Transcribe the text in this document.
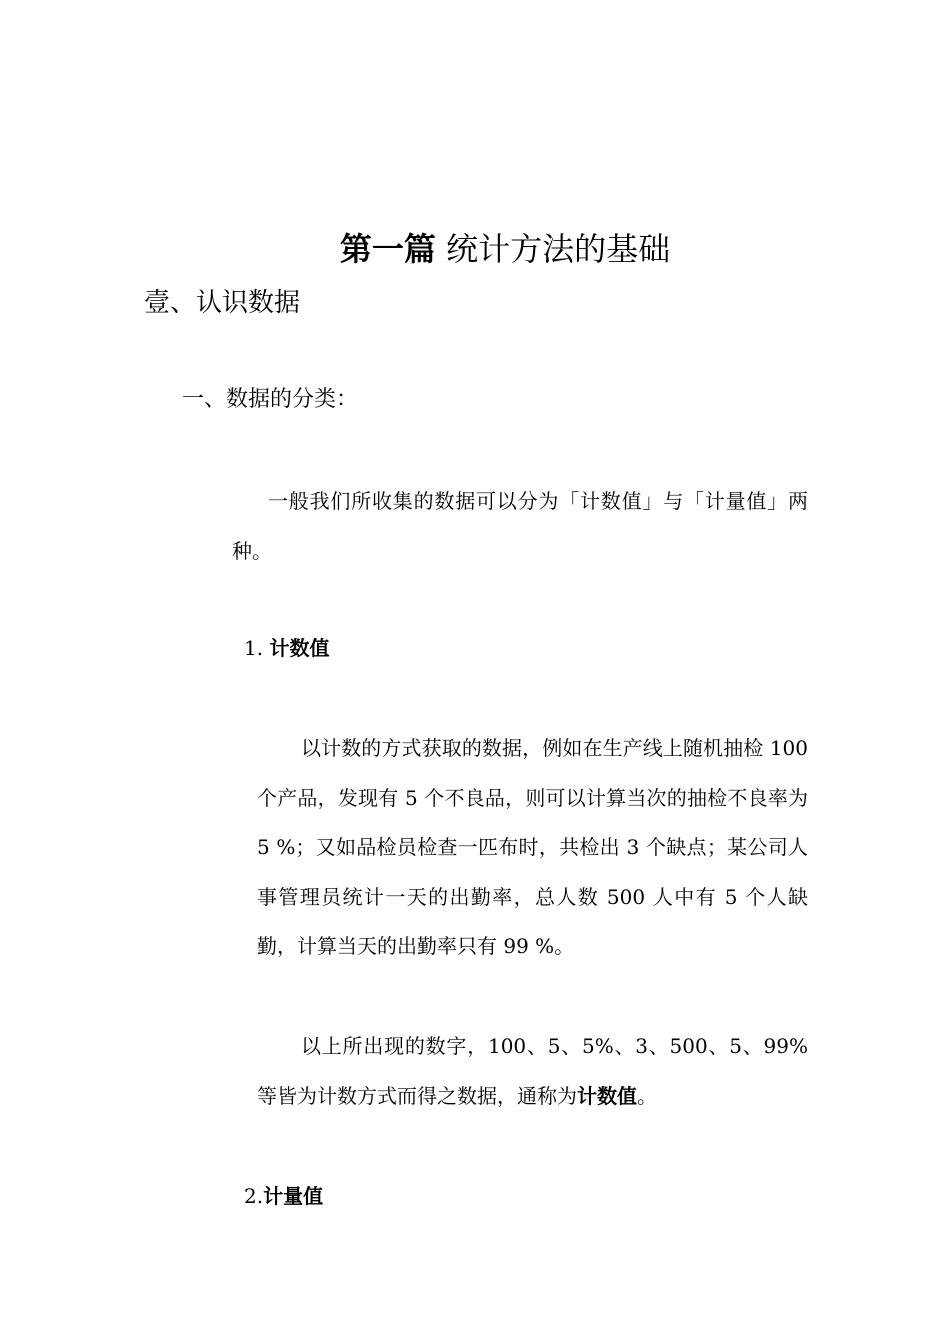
第一篇 统计方法的基础
壹、认识数据
一、数据的分类：
一般我们所收集的数据可以分为「计数值」与「计量值」两种。
1. 计数值
以计数的方式获取的数据，例如在生产线上随机抽检 100 个产品，发现有 5 个不良品，则可以计算当次的抽检不良率为 5 %；又如品检员检查一匹布时，共检出 3 个缺点；某公司人事管理员统计一天的出勤率，总人数 500 人中有 5 个人缺勤，计算当天的出勤率只有 99 %。
以上所出现的数字，100、5、5%、3、500、5、99% 等皆为计数方式而得之数据，通称为计数值。
2.计量值
